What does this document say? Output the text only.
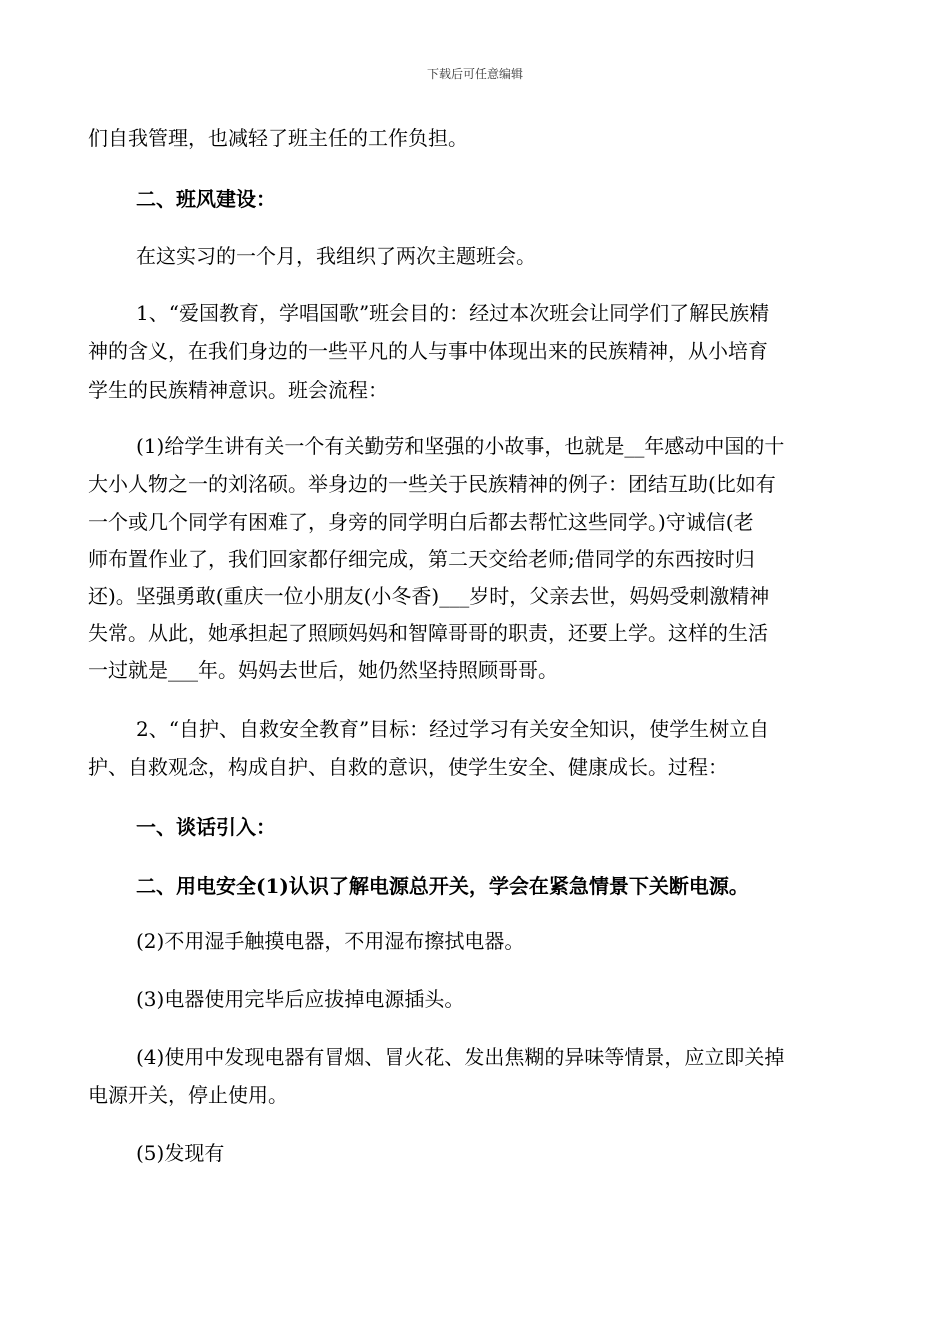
下载后可任意编辑
们自我管理，也减轻了班主任的工作负担。
二、班风建设：
在这实习的一个月，我组织了两次主题班会。
1、“爱国教育，学唱国歌”班会目的：经过本次班会让同学们了解民族精
神的含义，在我们身边的一些平凡的人与事中体现出来的民族精神，从小培育
学生的民族精神意识。班会流程：
(1)给学生讲有关一个有关勤劳和坚强的小故事，也就是__年感动中国的十
大小人物之一的刘洺硕。举身边的一些关于民族精神的例子：团结互助(比如有
一个或几个同学有困难了，身旁的同学明白后都去帮忙这些同学。)守诚信(老
师布置作业了，我们回家都仔细完成，第二天交给老师;借同学的东西按时归
还)。坚强勇敢(重庆一位小朋友(小冬香)___岁时，父亲去世，妈妈受刺激精神
失常。从此，她承担起了照顾妈妈和智障哥哥的职责，还要上学。这样的生活
一过就是___年。妈妈去世后，她仍然坚持照顾哥哥。
2、“自护、自救安全教育”目标：经过学习有关安全知识，使学生树立自
护、自救观念，构成自护、自救的意识，使学生安全、健康成长。过程：
一、谈话引入：
二、用电安全(1)认识了解电源总开关，学会在紧急情景下关断电源。
(2)不用湿手触摸电器，不用湿布擦拭电器。
(3)电器使用完毕后应拔掉电源插头。
(4)使用中发现电器有冒烟、冒火花、发出焦糊的异味等情景，应立即关掉
电源开关，停止使用。
(5)发现有
